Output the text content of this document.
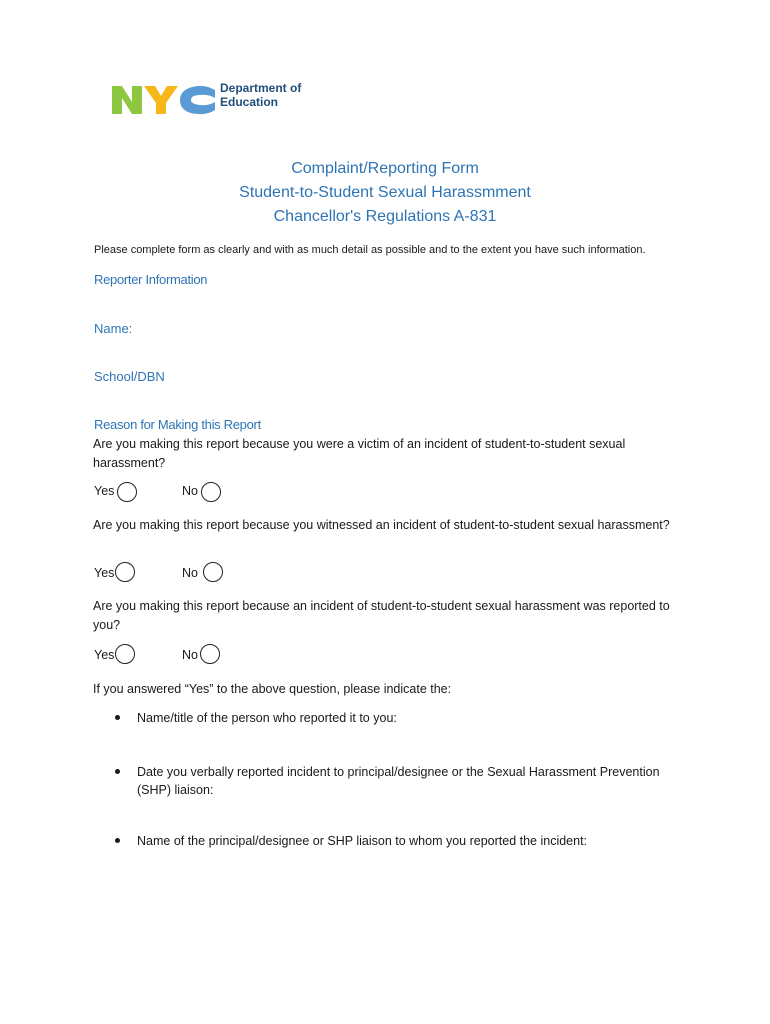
NYC
Department of
Education
Complaint/Reporting Form
Student-to-Student Sexual Harassmment
Chancellor's Regulations A-831
Please complete form as clearly and with as much detail as possible and to the extent you have such information.
Reporter Information
Name:
School/DBN
Reason for Making this Report
Are you making this report because you were a victim of an incident of student-to-student sexual harassment?
Yes	No
Are you making this report because you witnessed an incident of student-to-student sexual harassment?
Yes	No
Are you making this report because an incident of student-to-student sexual harassment was reported to you?
Yes	No
If you answered “Yes” to the above question, please indicate the:
Name/title of the person who reported it to you:
Date you verbally reported incident to principal/designee or the Sexual Harassment Prevention (SHP) liaison:
Name of the principal/designee or SHP liaison to whom you reported the incident:
